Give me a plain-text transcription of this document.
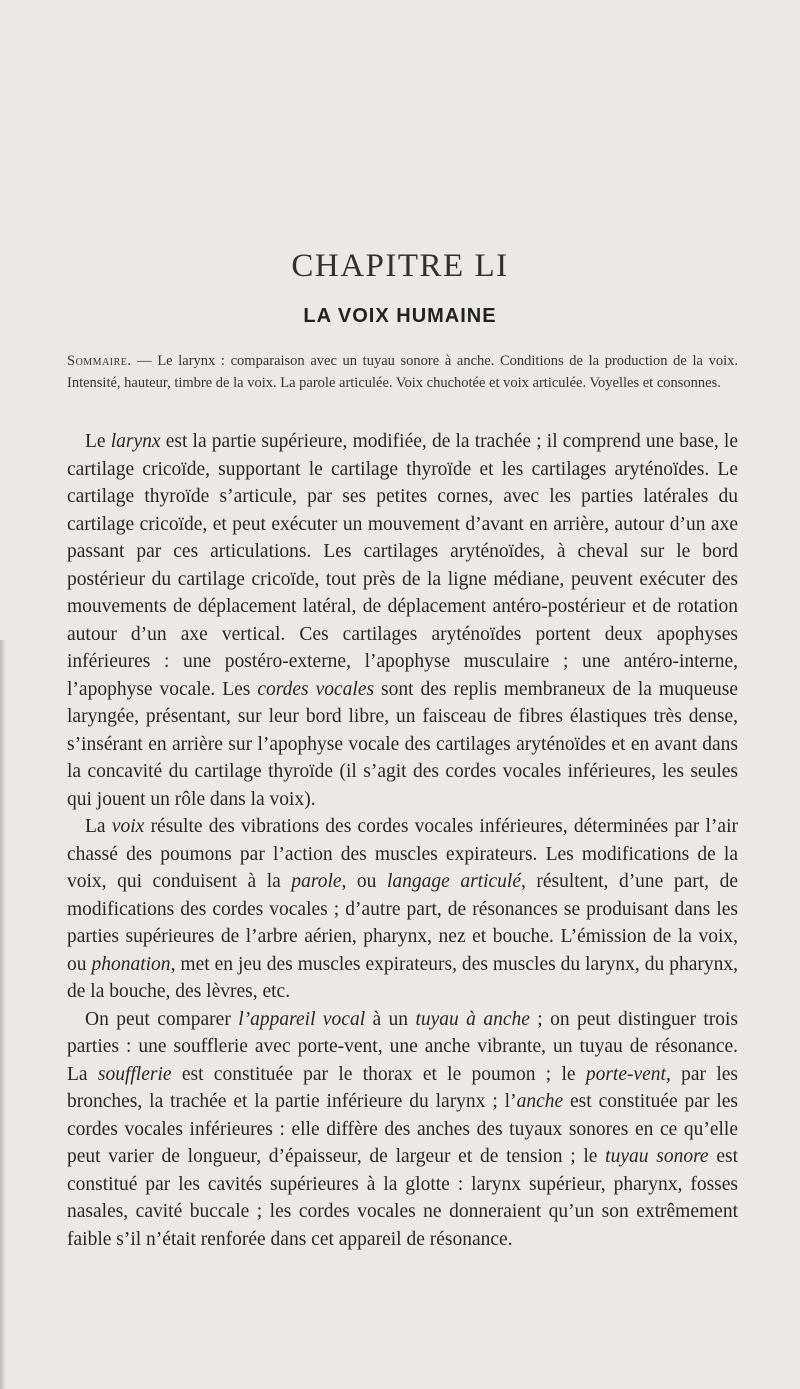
CHAPITRE LI
LA VOIX HUMAINE

Sommaire. — Le larynx : comparaison avec un tuyau sonore à anche. Conditions de la production de la voix. Intensité, hauteur, timbre de la voix. La parole articulée. Voix chuchotée et voix articulée. Voyelles et consonnes.

Le larynx est la partie supérieure, modifiée, de la trachée ; il comprend une base, le cartilage cricoïde, supportant le cartilage thyroïde et les cartilages aryténoïdes. Le cartilage thyroïde s’articule, par ses petites cornes, avec les parties latérales du cartilage cricoïde, et peut exécuter un mouvement d’avant en arrière, autour d’un axe passant par ces articulations. Les cartilages aryténoïdes, à cheval sur le bord postérieur du cartilage cricoïde, tout près de la ligne médiane, peuvent exécuter des mouvements de déplacement latéral, de déplacement antéro-postérieur et de rotation autour d’un axe vertical. Ces cartilages aryténoïdes portent deux apophyses inférieures : une postéro-externe, l’apophyse musculaire ; une antéro-interne, l’apophyse vocale. Les cordes vocales sont des replis membraneux de la muqueuse laryngée, présentant, sur leur bord libre, un faisceau de fibres élastiques très dense, s’insérant en arrière sur l’apophyse vocale des cartilages aryténoïdes et en avant dans la concavité du cartilage thyroïde (il s’agit des cordes vocales inférieures, les seules qui jouent un rôle dans la voix).

La voix résulte des vibrations des cordes vocales inférieures, déterminées par l’air chassé des poumons par l’action des muscles expirateurs. Les modifications de la voix, qui conduisent à la parole, ou langage articulé, résultent, d’une part, de modifications des cordes vocales ; d’autre part, de résonances se produisant dans les parties supérieures de l’arbre aérien, pharynx, nez et bouche. L’émission de la voix, ou phonation, met en jeu des muscles expirateurs, des muscles du larynx, du pharynx, de la bouche, des lèvres, etc.

On peut comparer l’appareil vocal à un tuyau à anche ; on peut distinguer trois parties : une soufflerie avec porte-vent, une anche vibrante, un tuyau de résonance. La soufflerie est constituée par le thorax et le poumon ; le porte-vent, par les bronches, la trachée et la partie inférieure du larynx ; l’anche est constituée par les cordes vocales inférieures : elle diffère des anches des tuyaux sonores en ce qu’elle peut varier de longueur, d’épaisseur, de largeur et de tension ; le tuyau sonore est constitué par les cavités supérieures à la glotte : larynx supérieur, pharynx, fosses nasales, cavité buccale ; les cordes vocales ne donneraient qu’un son extrêmement faible s’il n’était renforée dans cet appareil de résonance.
